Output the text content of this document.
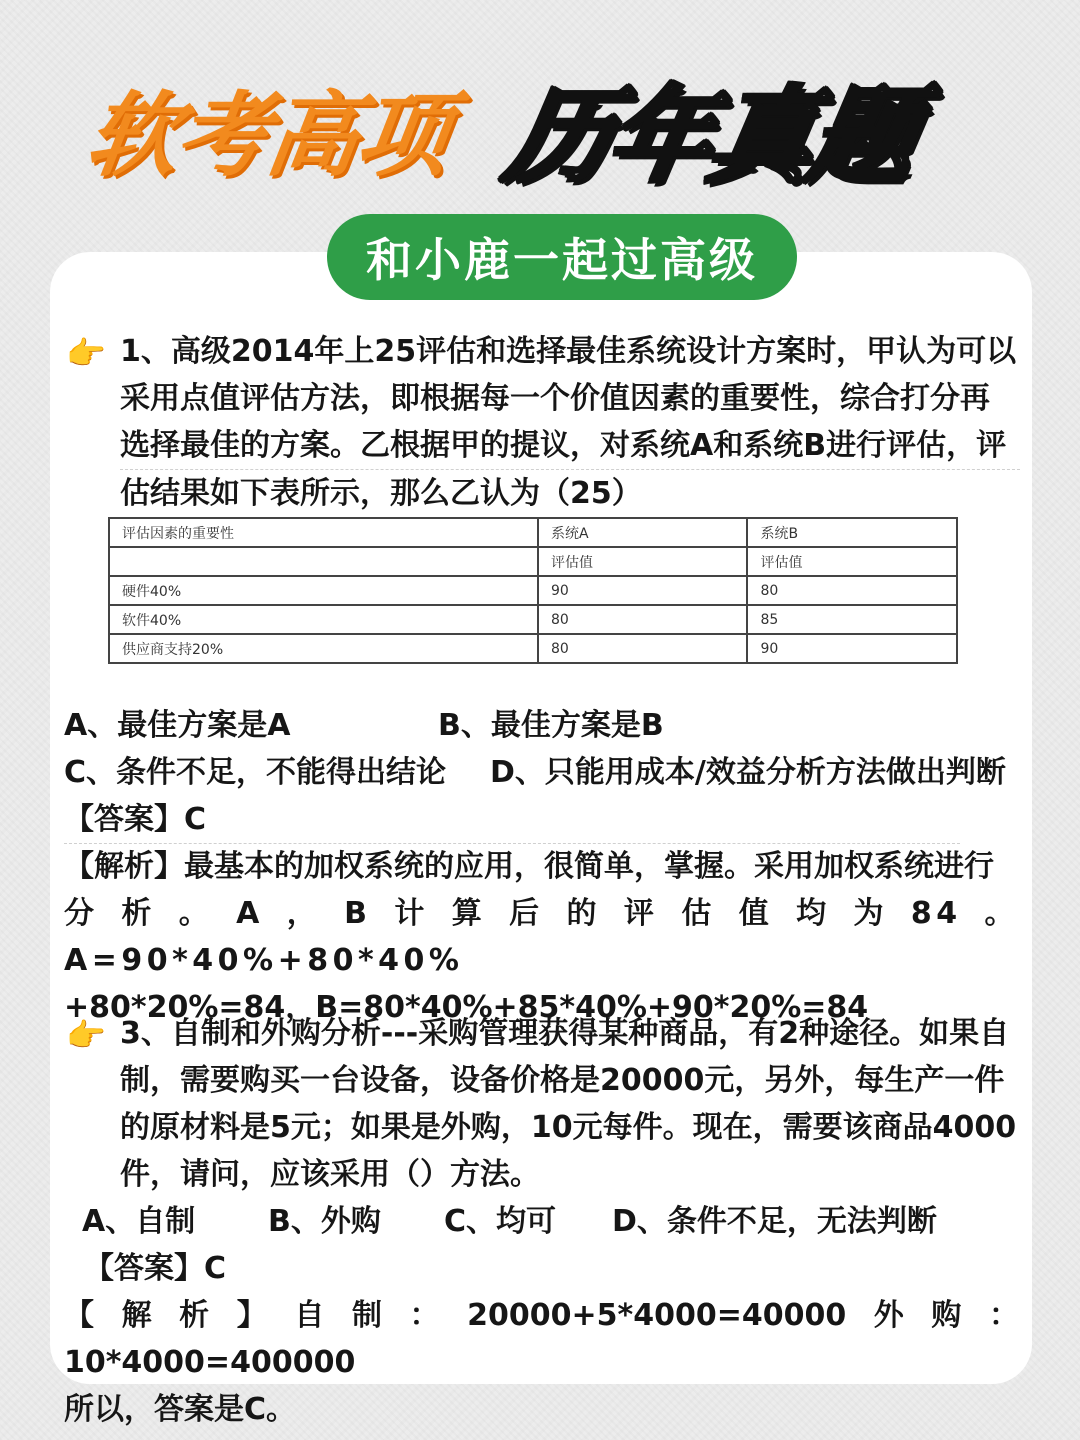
软考高项 历年真题
和小鹿一起过高级
👉 1、高级2014年上25评估和选择最佳系统设计方案时，甲认为可以
采用点值评估方法，即根据每一个价值因素的重要性，综合打分再
选择最佳的方案。乙根据甲的提议，对系统A和系统B进行评估，评
估结果如下表所示，那么乙认为（25）
评估因素的重要性	系统A	系统B
	评估值	评估值
硬件40%	90	80
软件40%	80	85
供应商支持20%	80	90
A、最佳方案是A	B、最佳方案是B
C、条件不足，不能得出结论 D、只能用成本/效益分析方法做出判断
【答案】C
【解析】最基本的加权系统的应用，很简单，掌握。采用加权系统进行
分析。A，B计算后的评估值均为84。A=90*40%+80*40%
+80*20%=84，B=80*40%+85*40%+90*20%=84
👉 3、自制和外购分析---采购管理获得某种商品，有2种途径。如果自
制，需要购买一台设备，设备价格是20000元，另外，每生产一件
的原材料是5元；如果是外购，10元每件。现在，需要该商品4000
件，请问，应该采用（）方法。
A、自制 B、外购 C、均可 D、条件不足，无法判断
【答案】C
【解析】自制：20000+5*4000=40000外购：10*4000=400000
所以，答案是C。
